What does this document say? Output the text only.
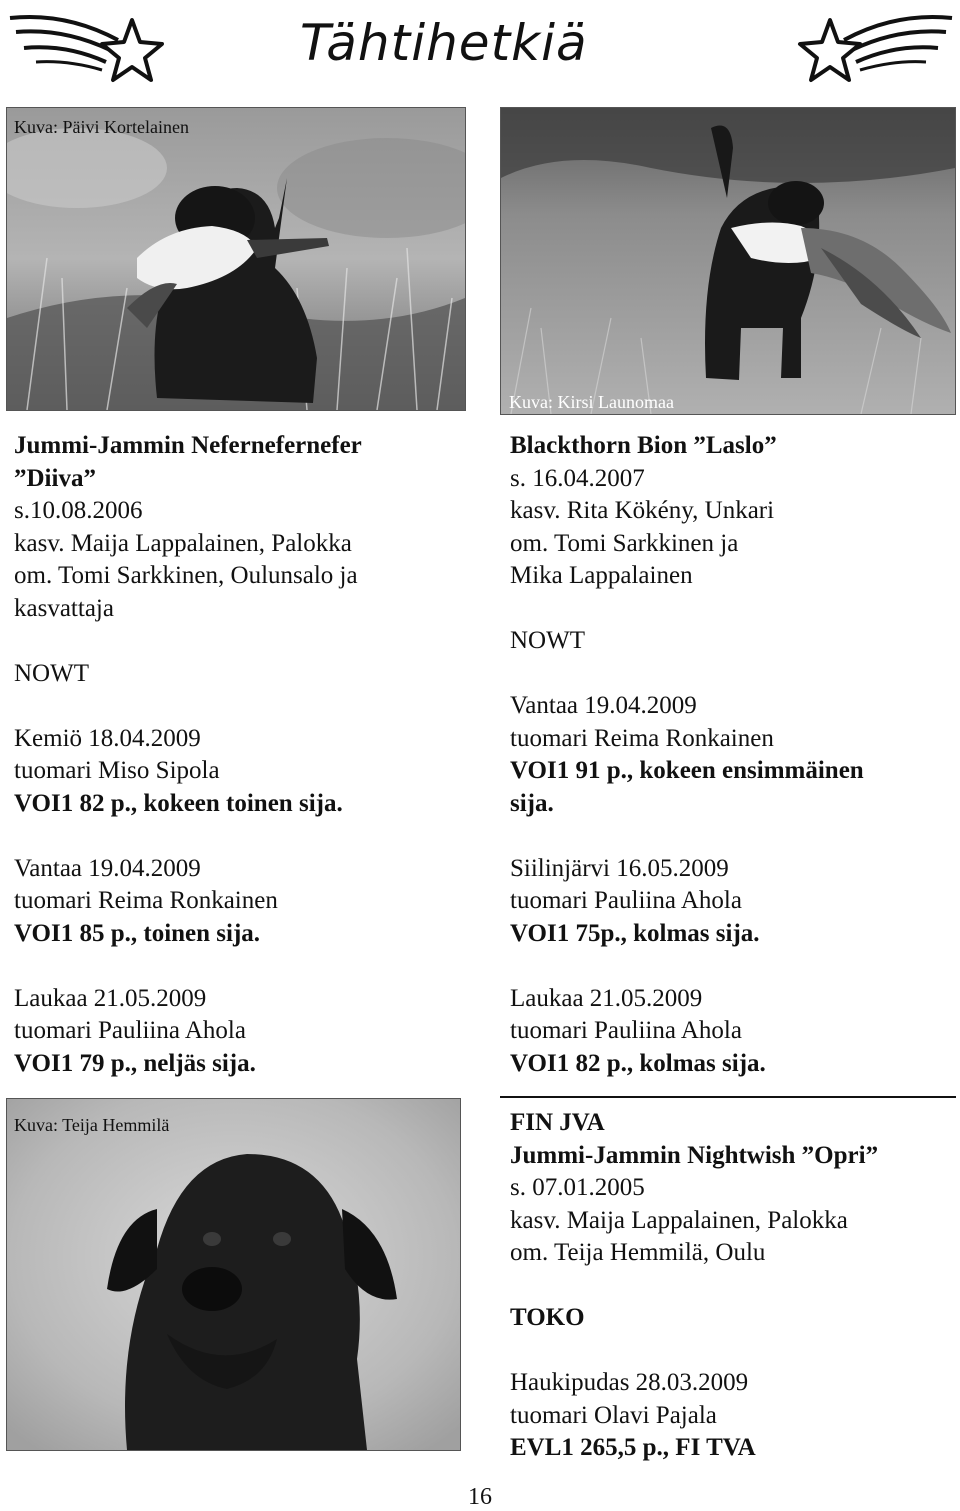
Tähtihetkiä
Kuva: Päivi Kortelainen
Kuva: Kirsi Launomaa
Kuva: Teija Hemmilä
Jummi-Jammin Nefernefernefer
”Diiva”
s.10.08.2006
kasv. Maija Lappalainen, Palokka
om. Tomi Sarkkinen, Oulunsalo ja
kasvattaja
NOWT
Kemiö 18.04.2009
tuomari Miso Sipola
VOI1 82 p., kokeen toinen sija.
Vantaa 19.04.2009
tuomari Reima Ronkainen
VOI1 85 p., toinen sija.
Laukaa 21.05.2009
tuomari Pauliina Ahola
VOI1 79 p., neljäs sija.
Blackthorn Bion ”Laslo”
s. 16.04.2007
kasv. Rita Kökény, Unkari
om. Tomi Sarkkinen ja
Mika Lappalainen
NOWT
Vantaa 19.04.2009
tuomari Reima Ronkainen
VOI1 91 p., kokeen ensimmäinen
sija.
Siilinjärvi 16.05.2009
tuomari Pauliina Ahola
VOI1 75p., kolmas sija.
Laukaa 21.05.2009
tuomari Pauliina Ahola
VOI1 82 p., kolmas sija.
FIN JVA
Jummi-Jammin Nightwish ”Opri”
s. 07.01.2005
kasv. Maija Lappalainen, Palokka
om. Teija Hemmilä, Oulu
TOKO
Haukipudas 28.03.2009
tuomari Olavi Pajala
EVL1 265,5 p., FI TVA
16
